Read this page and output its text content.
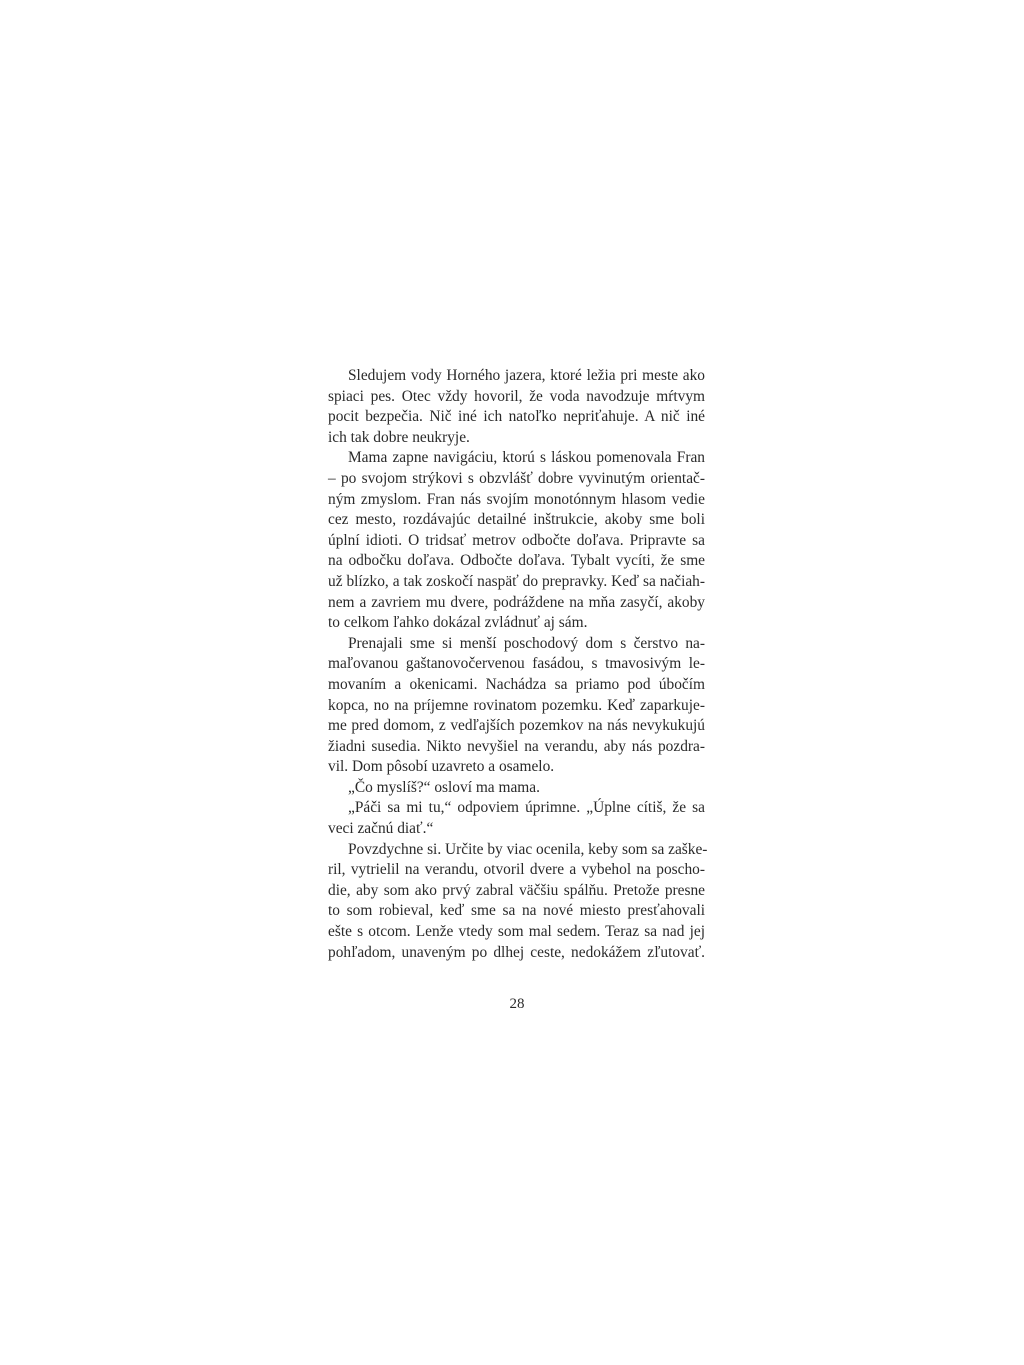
Sledujem vody Horného jazera, ktoré ležia pri meste ako
spiaci pes. Otec vždy hovoril, že voda navodzuje mŕtvym
pocit bezpečia. Nič iné ich natoľko nepriťahuje. A nič iné
ich tak dobre neukryje.
Mama zapne navigáciu, ktorú s láskou pomenovala Fran
– po svojom strýkovi s obzvlášť dobre vyvinutým orientač-
ným zmyslom. Fran nás svojím monotónnym hlasom vedie
cez mesto, rozdávajúc detailné inštrukcie, akoby sme boli
úplní idioti. O tridsať metrov odbočte doľava. Pripravte sa
na odbočku doľava. Odbočte doľava. Tybalt vycíti, že sme
už blízko, a tak zoskočí naspäť do prepravky. Keď sa načiah-
nem a zavriem mu dvere, podráždene na mňa zasyčí, akoby
to celkom ľahko dokázal zvládnuť aj sám.
Prenajali sme si menší poschodový dom s čerstvo na-
maľovanou gaštanovočervenou fasádou, s tmavosivým le-
movaním a okenicami. Nachádza sa priamo pod úbočím
kopca, no na príjemne rovinatom pozemku. Keď zaparkuje-
me pred domom, z vedľajších pozemkov na nás nevykukujú
žiadni susedia. Nikto nevyšiel na verandu, aby nás pozdra-
vil. Dom pôsobí uzavreto a osamelo.
„Čo myslíš?“ osloví ma mama.
„Páči sa mi tu,“ odpoviem úprimne. „Úplne cítiš, že sa
veci začnú diať.“
Povzdychne si. Určite by viac ocenila, keby som sa zaške-
ril, vytrielil na verandu, otvoril dvere a vybehol na poscho-
die, aby som ako prvý zabral väčšiu spálňu. Pretože presne
to som robieval, keď sme sa na nové miesto presťahovali
ešte s otcom. Lenže vtedy som mal sedem. Teraz sa nad jej
pohľadom, unaveným po dlhej ceste, nedokážem zľutovať.
28
